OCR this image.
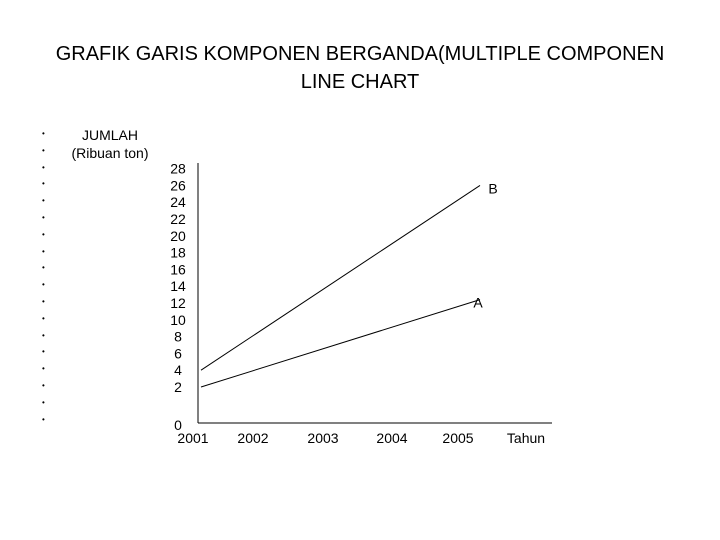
GRAFIK GARIS KOMPONEN BERGANDA(MULTIPLE COMPONEN LINE CHART
•
•
•
•
•
•
•
•
•
•
•
•
•
•
•
•
•
•
JUMLAH
(Ribuan ton)
28
26
24
22
20
18
16
14
12
10
8
6
4
2
0
2001 2002	2003	2004 2005
A
B
Tahun
